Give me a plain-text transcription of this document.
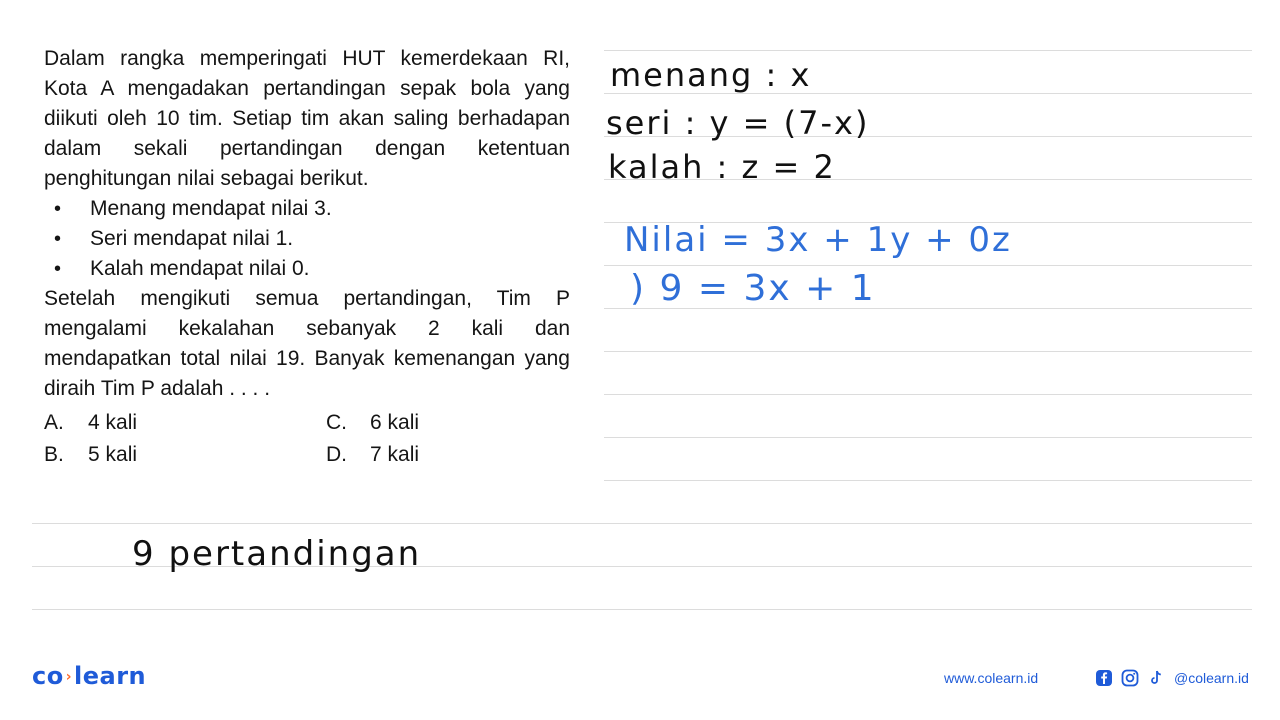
Dalam rangka memperingati HUT kemerdekaan RI, Kota A mengadakan pertandingan sepak bola yang diikuti oleh 10 tim. Setiap tim akan saling berhadapan dalam sekali pertandingan dengan ketentuan penghitungan nilai sebagai berikut.

• Menang mendapat nilai 3.
• Seri mendapat nilai 1.
• Kalah mendapat nilai 0.

Setelah mengikuti semua pertandingan, Tim P mengalami kekalahan sebanyak 2 kali dan mendapatkan total nilai 19. Banyak kemenangan yang diraih Tim P adalah . . . .

A.	4 kali	C.	6 kali
B.	5 kali	D.	7 kali
menang : x
seri : y = (7-x)
kalah : z = 2
Nilai = 3x + 1y + 0z
) 9 = 3x + 1
9 pertandingan
co ›learn	www.colearn.id	@colearn.id
